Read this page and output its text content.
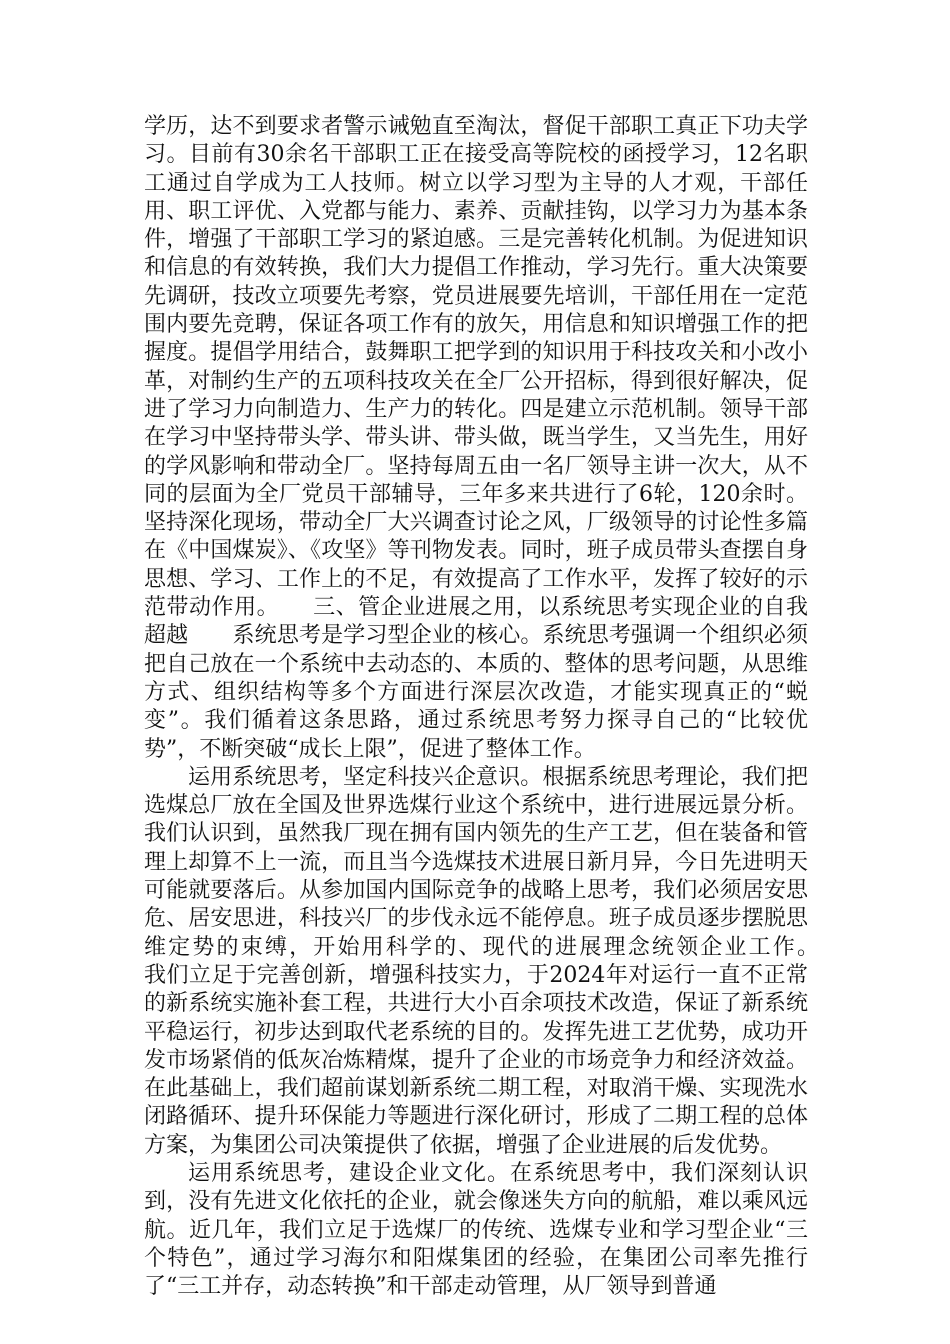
学历，达不到要求者警示诫勉直至淘汰，督促干部职工真正下功夫学习。目前有30余名干部职工正在接受高等院校的函授学习，12名职工通过自学成为工人技师。树立以学习型为主导的人才观，干部任用、职工评优、入党都与能力、素养、贡献挂钩，以学习力为基本条件，增强了干部职工学习的紧迫感。三是完善转化机制。为促进知识和信息的有效转换，我们大力提倡工作推动，学习先行。重大决策要先调研，技改立项要先考察，党员进展要先培训，干部任用在一定范围内要先竞聘，保证各项工作有的放矢，用信息和知识增强工作的把握度。提倡学用结合，鼓舞职工把学到的知识用于科技攻关和小改小革，对制约生产的五项科技攻关在全厂公开招标，得到很好解决，促进了学习力向制造力、生产力的转化。四是建立示范机制。领导干部在学习中坚持带头学、带头讲、带头做，既当学生，又当先生，用好的学风影响和带动全厂。坚持每周五由一名厂领导主讲一次大，从不同的层面为全厂党员干部辅导，三年多来共进行了6轮，120余时。坚持深化现场，带动全厂大兴调查讨论之风，厂级领导的讨论性多篇在《中国煤炭》、《攻坚》等刊物发表。同时，班子成员带头查摆自身思想、学习、工作上的不足，有效提高了工作水平，发挥了较好的示范带动作用。　　三、管企业进展之用，以系统思考实现企业的自我超越　　系统思考是学习型企业的核心。系统思考强调一个组织必须把自己放在一个系统中去动态的、本质的、整体的思考问题，从思维方式、组织结构等多个方面进行深层次改造，才能实现真正的“蜕变”。我们循着这条思路，通过系统思考努力探寻自己的“比较优势”，不断突破“成长上限”，促进了整体工作。

运用系统思考，坚定科技兴企意识。根据系统思考理论，我们把选煤总厂放在全国及世界选煤行业这个系统中，进行进展远景分析。我们认识到，虽然我厂现在拥有国内领先的生产工艺，但在装备和管理上却算不上一流，而且当今选煤技术进展日新月异，今日先进明天可能就要落后。从参加国内国际竞争的战略上思考，我们必须居安思危、居安思进，科技兴厂的步伐永远不能停息。班子成员逐步摆脱思维定势的束缚，开始用科学的、现代的进展理念统领企业工作。　　我们立足于完善创新，增强科技实力，于2024年对运行一直不正常的新系统实施补套工程，共进行大小百余项技术改造，保证了新系统平稳运行，初步达到取代老系统的目的。发挥先进工艺优势，成功开发市场紧俏的低灰冶炼精煤，提升了企业的市场竞争力和经济效益。在此基础上，我们超前谋划新系统二期工程，对取消干燥、实现洗水闭路循环、提升环保能力等题进行深化研讨，形成了二期工程的总体方案，为集团公司决策提供了依据，增强了企业进展的后发优势。

运用系统思考，建设企业文化。在系统思考中，我们深刻认识到，没有先进文化依托的企业，就会像迷失方向的航船，难以乘风远航。近几年，我们立足于选煤厂的传统、选煤专业和学习型企业“三个特色”，通过学习海尔和阳煤集团的经验，在集团公司率先推行了“三工并存，动态转换”和干部走动管理，从厂领导到普通
